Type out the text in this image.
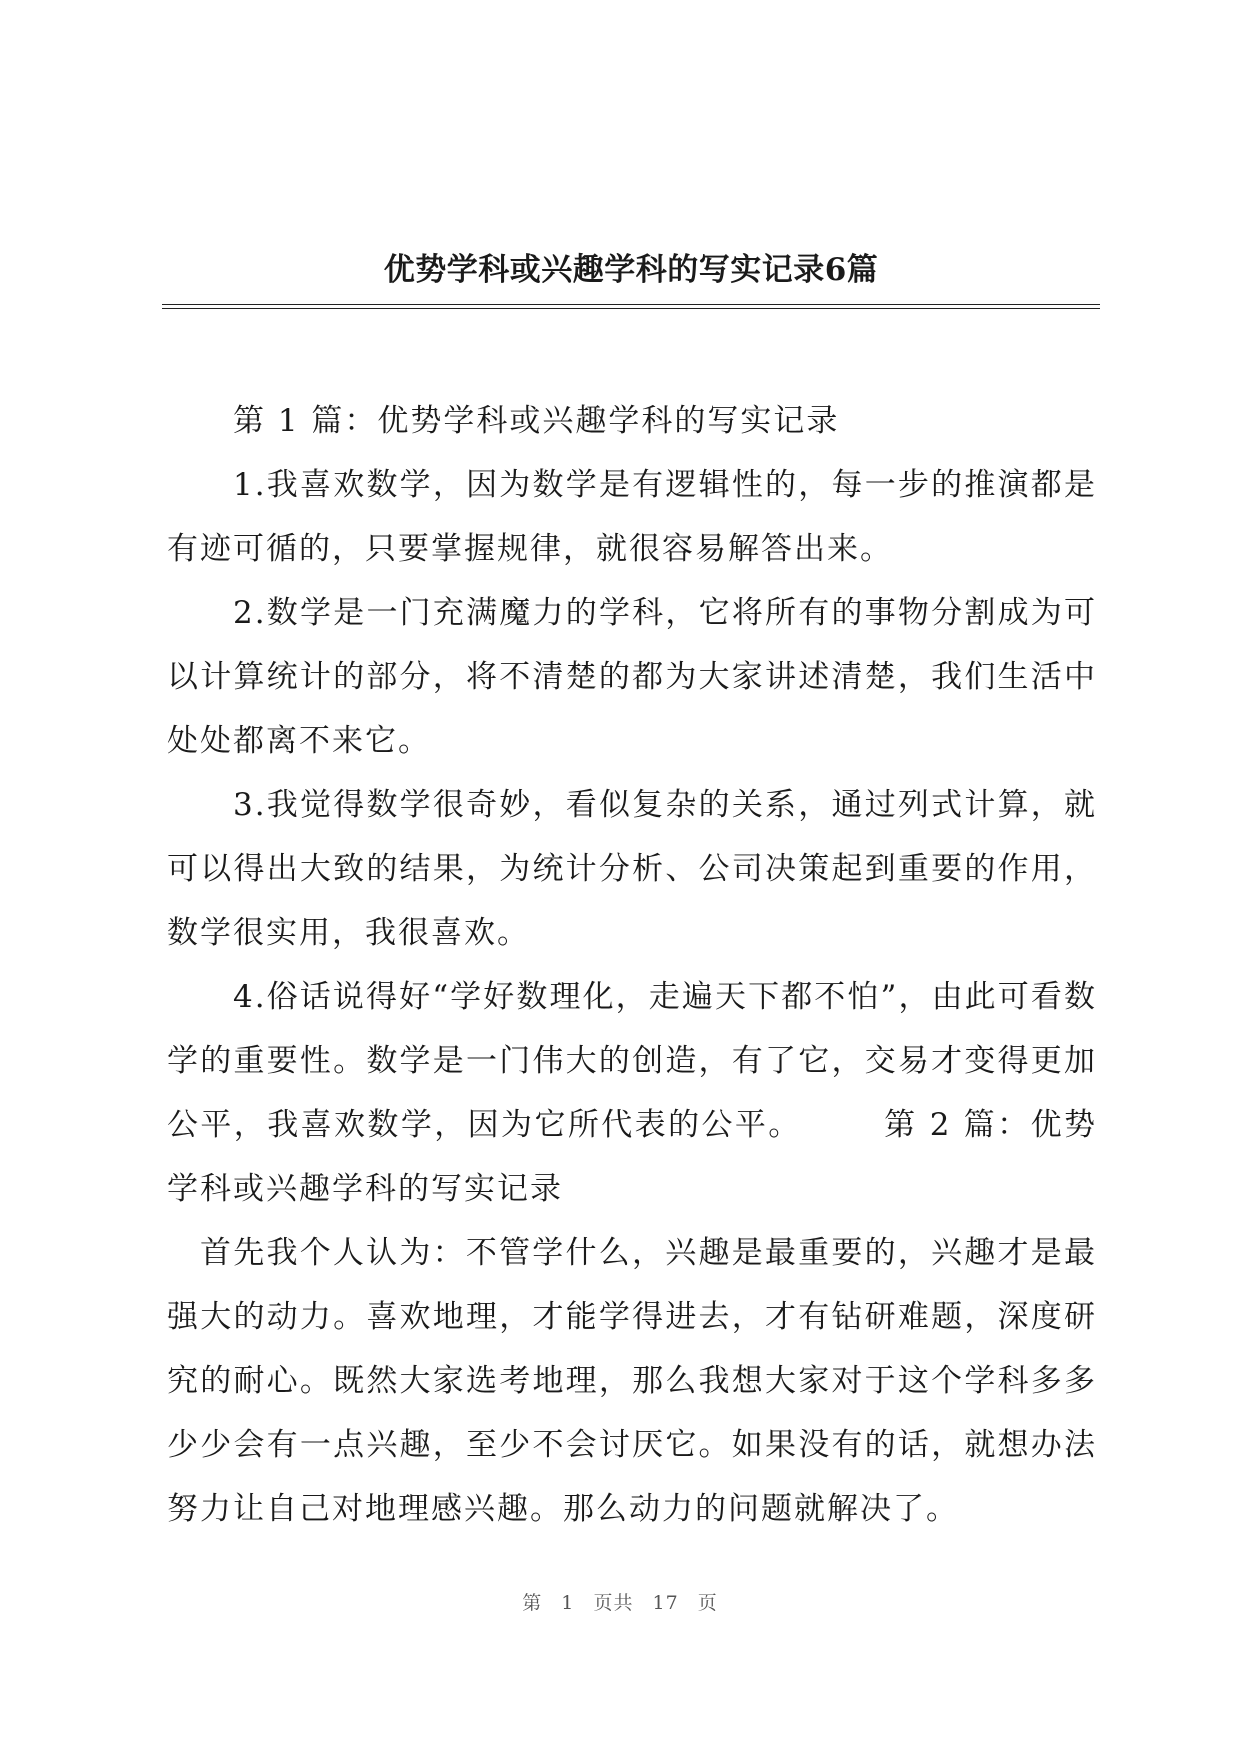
优势学科或兴趣学科的写实记录6篇

第 1 篇：优势学科或兴趣学科的写实记录

1.我喜欢数学，因为数学是有逻辑性的，每一步的推演都是有迹可循的，只要掌握规律，就很容易解答出来。

2.数学是一门充满魔力的学科，它将所有的事物分割成为可以计算统计的部分，将不清楚的都为大家讲述清楚，我们生活中处处都离不来它。

3.我觉得数学很奇妙，看似复杂的关系，通过列式计算，就可以得出大致的结果，为统计分析、公司决策起到重要的作用，数学很实用，我很喜欢。

4.俗话说得好“学好数理化，走遍天下都不怕”，由此可看数学的重要性。数学是一门伟大的创造，有了它，交易才变得更加公平，我喜欢数学，因为它所代表的公平。	第 2 篇：优势学科或兴趣学科的写实记录

首先我个人认为：不管学什么，兴趣是最重要的，兴趣才是最强大的动力。喜欢地理，才能学得进去，才有钻研难题，深度研究的耐心。既然大家选考地理，那么我想大家对于这个学科多多少少会有一点兴趣，至少不会讨厌它。如果没有的话，就想办法努力让自己对地理感兴趣。那么动力的问题就解决了。

第 1 页共 17 页
